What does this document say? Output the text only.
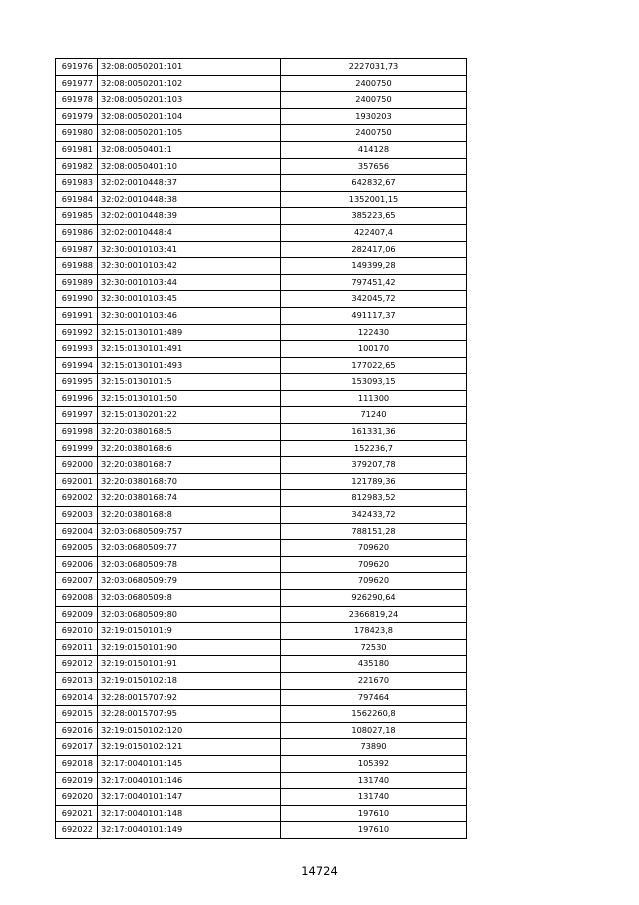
691976	32:08:0050201:101	2227031,73
691977	32:08:0050201:102	2400750
691978	32:08:0050201:103	2400750
691979	32:08:0050201:104	1930203
691980	32:08:0050201:105	2400750
691981	32:08:0050401:1	414128
691982	32:08:0050401:10	357656
691983	32:02:0010448:37	642832,67
691984	32:02:0010448:38	1352001,15
691985	32:02:0010448:39	385223,65
691986	32:02:0010448:4	422407,4
691987	32:30:0010103:41	282417,06
691988	32:30:0010103:42	149399,28
691989	32:30:0010103:44	797451,42
691990	32:30:0010103:45	342045,72
691991	32:30:0010103:46	491117,37
691992	32:15:0130101:489	122430
691993	32:15:0130101:491	100170
691994	32:15:0130101:493	177022,65
691995	32:15:0130101:5	153093,15
691996	32:15:0130101:50	111300
691997	32:15:0130201:22	71240
691998	32:20:0380168:5	161331,36
691999	32:20:0380168:6	152236,7
692000	32:20:0380168:7	379207,78
692001	32:20:0380168:70	121789,36
692002	32:20:0380168:74	812983,52
692003	32:20:0380168:8	342433,72
692004	32:03:0680509:757	788151,28
692005	32:03:0680509:77	709620
692006	32:03:0680509:78	709620
692007	32:03:0680509:79	709620
692008	32:03:0680509:8	926290,64
692009	32:03:0680509:80	2366819,24
692010	32:19:0150101:9	178423,8
692011	32:19:0150101:90	72530
692012	32:19:0150101:91	435180
692013	32:19:0150102:18	221670
692014	32:28:0015707:92	797464
692015	32:28:0015707:95	1562260,8
692016	32:19:0150102:120	108027,18
692017	32:19:0150102:121	73890
692018	32:17:0040101:145	105392
692019	32:17:0040101:146	131740
692020	32:17:0040101:147	131740
692021	32:17:0040101:148	197610
692022	32:17:0040101:149	197610
14724
